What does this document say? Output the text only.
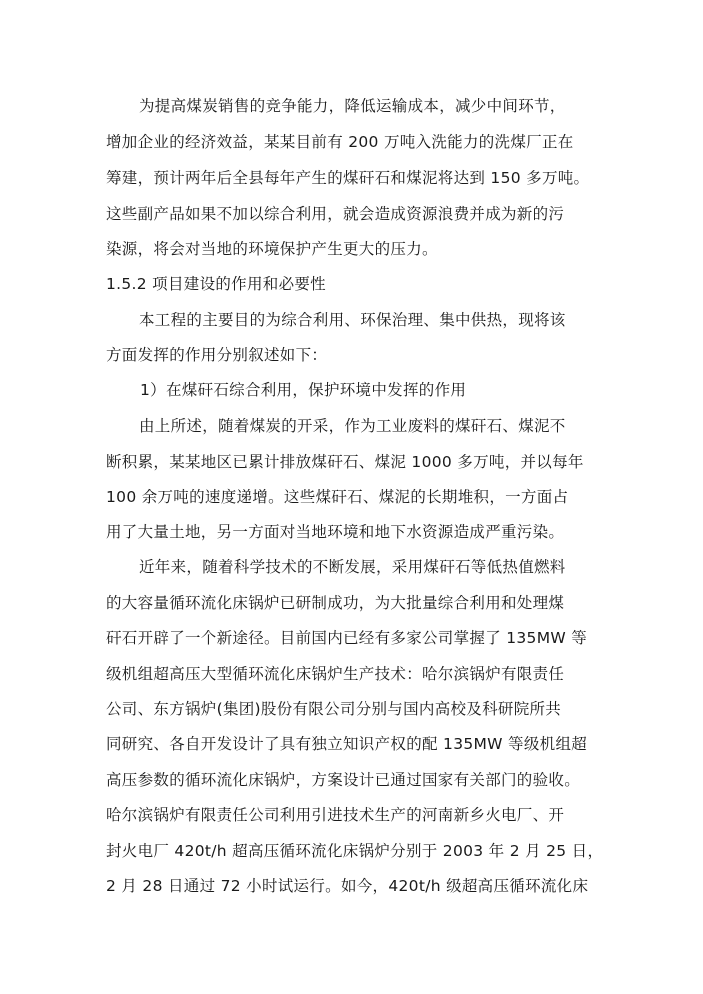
为提高煤炭销售的竞争能力，降低运输成本，减少中间环节，
增加企业的经济效益，某某目前有 200 万吨入洗能力的洗煤厂正在
筹建，预计两年后全县每年产生的煤矸石和煤泥将达到 150 多万吨。
这些副产品如果不加以综合利用，就会造成资源浪费并成为新的污
染源，将会对当地的环境保护产生更大的压力。
1.5.2 项目建设的作用和必要性
本工程的主要目的为综合利用、环保治理、集中供热，现将该
方面发挥的作用分别叙述如下：
1）在煤矸石综合利用，保护环境中发挥的作用
由上所述，随着煤炭的开采，作为工业废料的煤矸石、煤泥不
断积累，某某地区已累计排放煤矸石、煤泥 1000 多万吨，并以每年
100 余万吨的速度递增。这些煤矸石、煤泥的长期堆积，一方面占
用了大量土地，另一方面对当地环境和地下水资源造成严重污染。
近年来，随着科学技术的不断发展，采用煤矸石等低热值燃料
的大容量循环流化床锅炉已研制成功，为大批量综合利用和处理煤
矸石开辟了一个新途径。目前国内已经有多家公司掌握了 135MW 等
级机组超高压大型循环流化床锅炉生产技术：哈尔滨锅炉有限责任
公司、东方锅炉(集团)股份有限公司分别与国内高校及科研院所共
同研究、各自开发设计了具有独立知识产权的配 135MW 等级机组超
高压参数的循环流化床锅炉，方案设计已通过国家有关部门的验收。
哈尔滨锅炉有限责任公司利用引进技术生产的河南新乡火电厂、开
封火电厂 420t/h 超高压循环流化床锅炉分别于 2003 年 2 月 25 日，
2 月 28 日通过 72 小时试运行。如今，420t/h 级超高压循环流化床
